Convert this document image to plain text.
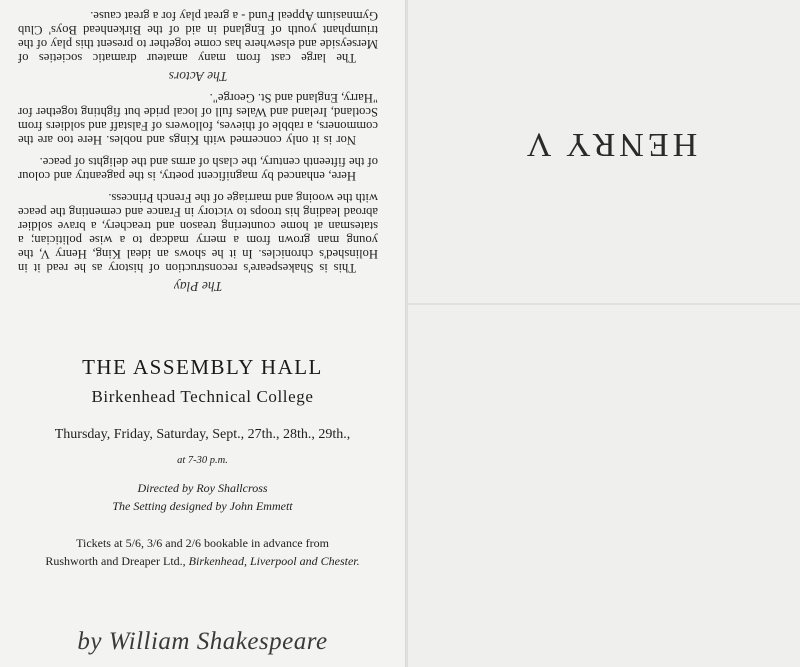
The Play

This is Shakespeare's reconstruction of history as he read it in Holinshed's chronicles. In it he shows an ideal King, Henry V, the young man grown from a merry madcap to a wise politician; a statesman at home countering treason and treachery, a brave soldier abroad leading his troops to victory in France and cementing the peace with the wooing and marriage of the French Princess.

Here, enhanced by magnificent poetry, is the pageantry and colour of the fifteenth century, the clash of arms and the delights of peace.

Nor is it only concerned with Kings and nobles. Here too are the commoners, a rabble of thieves, followers of Falstaff and soldiers from Scotland, Ireland and Wales full of local pride but fighting together for "Harry, England and St. George".

The Actors

The large cast from many amateur dramatic societies of Merseyside and elsewhere has come together to present this play of the triumphant youth of England in aid of the Birkenhead Boys' Club Gymnasium Appeal Fund - a great play for a great cause.

THE ASSEMBLY HALL
Birkenhead Technical College
Thursday, Friday, Saturday, Sept., 27th., 28th., 29th.,
at 7-30 p.m.
Directed by Roy Shallcross
The Setting designed by John Emmett
Tickets at 5/6, 3/6 and 2/6 bookable in advance from
Rushworth and Dreaper Ltd., Birkenhead, Liverpool and Chester.
by William Shakespeare
HENRY V
